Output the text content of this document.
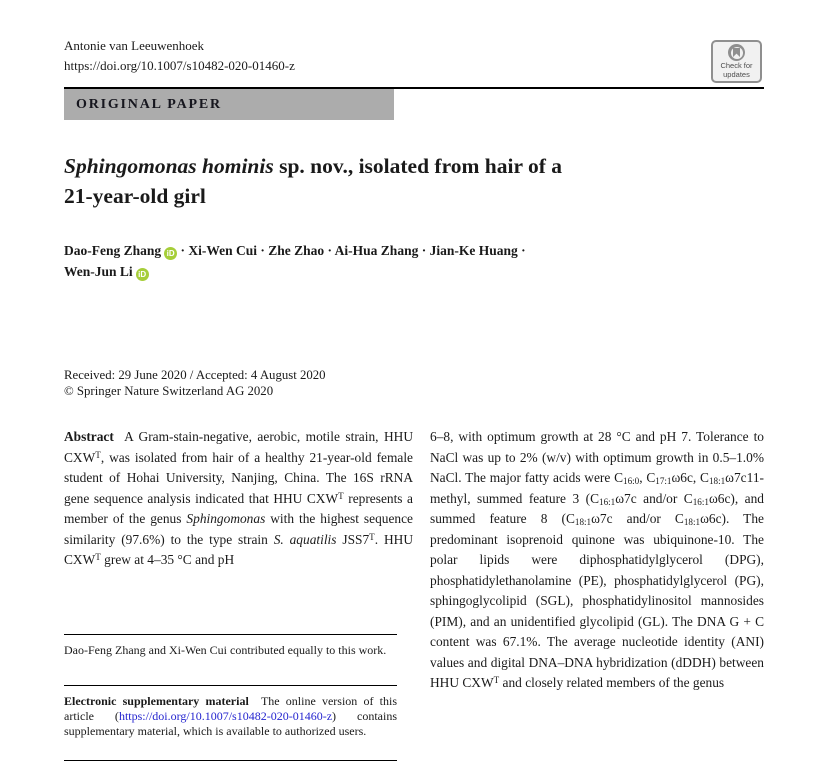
Antonie van Leeuwenhoek
https://doi.org/10.1007/s10482-020-01460-z	Check for
updates
ORIGINAL PAPER
Sphingomonas hominis sp. nov., isolated from hair of a
21-year-old girl
Dao-Feng Zhang iD · Xi-Wen Cui · Zhe Zhao · Ai-Hua Zhang · Jian-Ke Huang ·
Wen-Jun Li iD
Received: 29 June 2020 / Accepted: 4 August 2020
© Springer Nature Switzerland AG 2020
Abstract  A Gram-stain-negative, aerobic, motile strain, HHU $CXW^T$, was isolated from hair of a healthy 21-year-old female student of Hohai University, Nanjing, China. The 16S rRNA gene sequence analysis indicated that HHU $CXW^T$ represents a member of the genus Sphingomonas with the highest sequence similarity (97.6%) to the type strain S. aquatilis $JSS7^T$. HHU $CXW^T$ grew at 4–35 °C and pH
6–8, with optimum growth at 28 °C and pH 7. Tolerance to NaCl was up to 2% (w/v) with optimum growth in 0.5–1.0% NaCl. The major fatty acids were C16:0, C17:1ω6c, C18:1ω7c11-methyl, summed feature 3 (C16:1ω7c and/or C16:1ω6c), and summed feature 8 (C18:1ω7c and/or C18:1ω6c). The predominant isoprenoid quinone was ubiquinone-10. The polar lipids were diphosphatidylglycerol (DPG), phosphatidylethanolamine (PE), phosphatidylglycerol (PG), sphingoglycolipid (SGL), phosphatidylinositol mannosides (PIM), and an unidentified glycolipid (GL). The DNA G + C content was 67.1%. The average nucleotide identity (ANI) values and digital DNA–DNA hybridization (dDDH) between HHU $CXW^T$ and closely related members of the genus
Dao-Feng Zhang and Xi-Wen Cui contributed equally to this work.
Electronic supplementary material  The online version of this article (https://doi.org/10.1007/s10482-020-01460-z) contains supplementary material, which is available to authorized users.
